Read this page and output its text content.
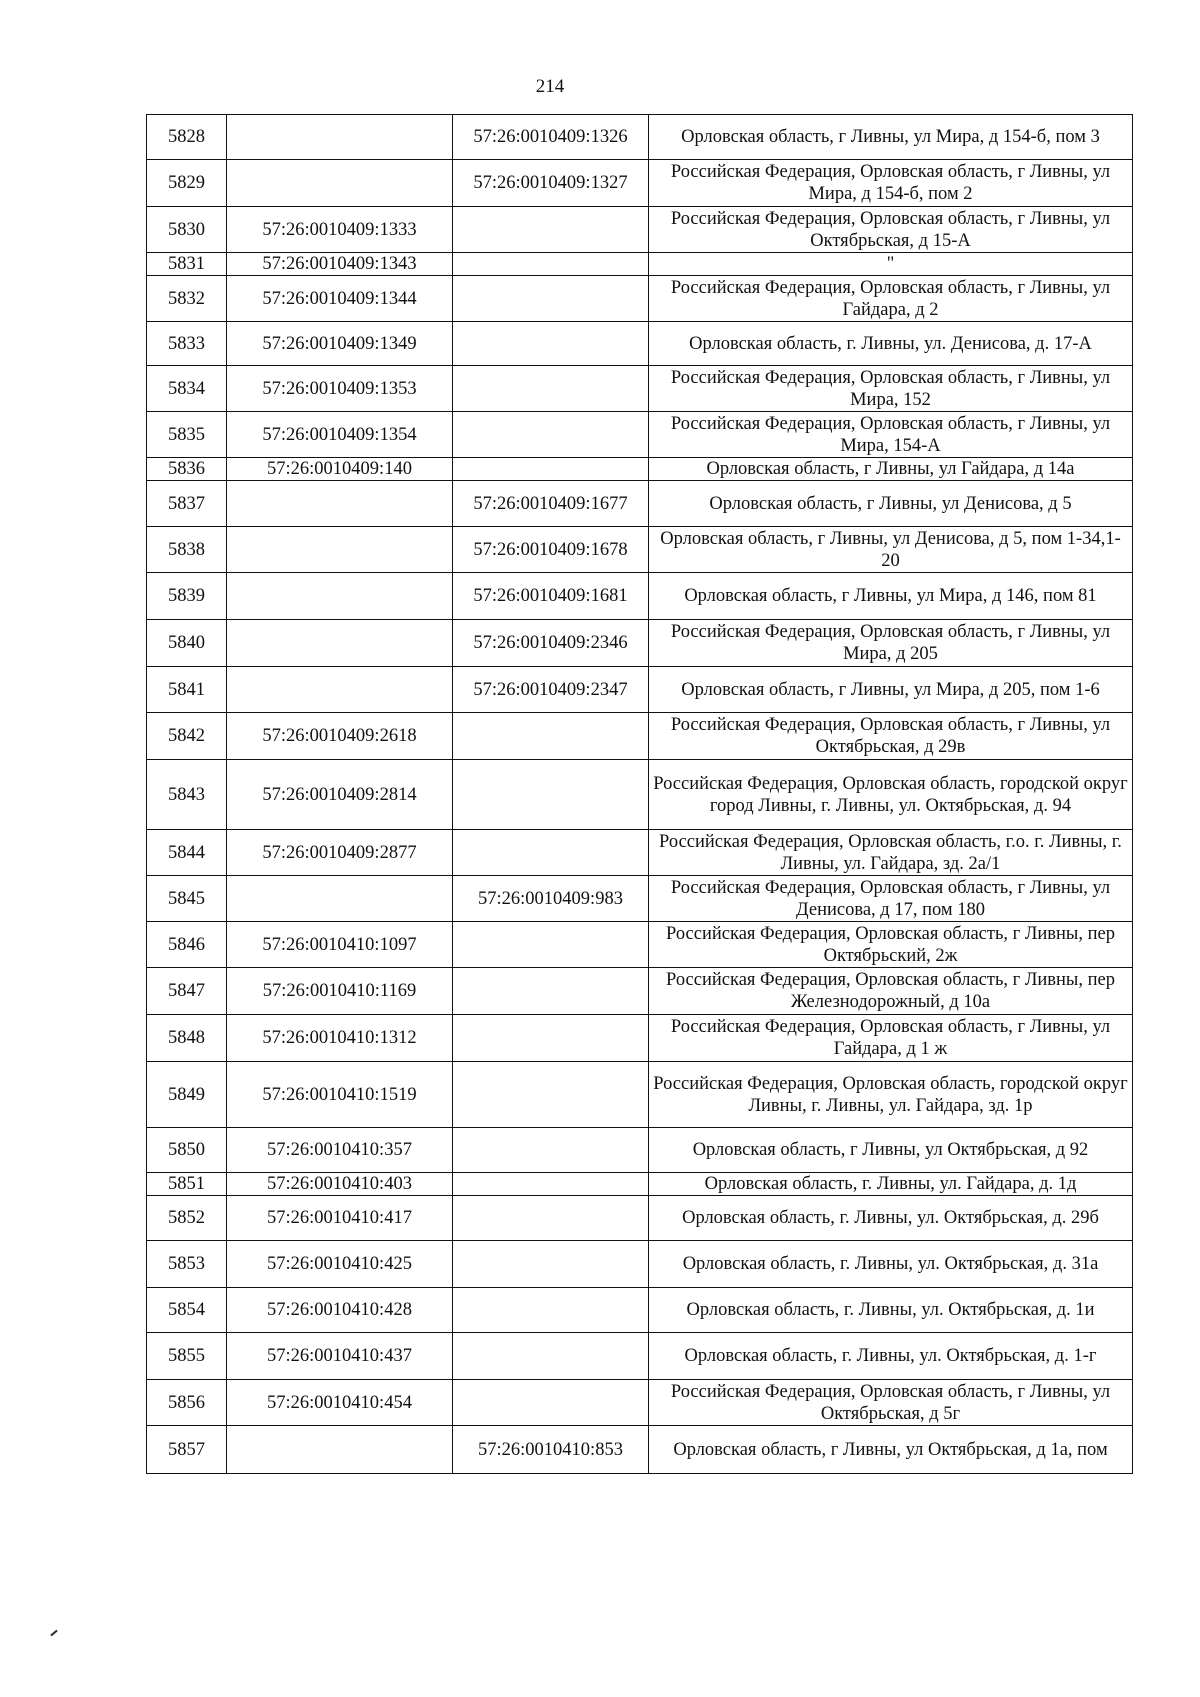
214
5828		57:26:0010409:1326	Орловская область, г Ливны, ул Мира, д 154-б, пом 3
5829		57:26:0010409:1327	Российская Федерация, Орловская область, г Ливны, ул Мира, д 154-б, пом 2
5830	57:26:0010409:1333		Российская Федерация, Орловская область, г Ливны, ул Октябрьская, д 15-А
5831	57:26:0010409:1343		"
5832	57:26:0010409:1344		Российская Федерация, Орловская область, г Ливны, ул Гайдара, д 2
5833	57:26:0010409:1349		Орловская область, г. Ливны, ул. Денисова, д. 17-А
5834	57:26:0010409:1353		Российская Федерация, Орловская область, г Ливны, ул Мира, 152
5835	57:26:0010409:1354		Российская Федерация, Орловская область, г Ливны, ул Мира, 154-А
5836	57:26:0010409:140		Орловская область, г Ливны, ул Гайдара, д 14а
5837		57:26:0010409:1677	Орловская область, г Ливны, ул Денисова, д 5
5838		57:26:0010409:1678	Орловская область, г Ливны, ул Денисова, д 5, пом 1-34,1-20
5839		57:26:0010409:1681	Орловская область, г Ливны, ул Мира, д 146, пом 81
5840		57:26:0010409:2346	Российская Федерация, Орловская область, г Ливны, ул Мира, д 205
5841		57:26:0010409:2347	Орловская область, г Ливны, ул Мира, д 205, пом 1-6
5842	57:26:0010409:2618		Российская Федерация, Орловская область, г Ливны, ул Октябрьская, д 29в
5843	57:26:0010409:2814		Российская Федерация, Орловская область, городской округ город Ливны, г. Ливны, ул. Октябрьская, д. 94
5844	57:26:0010409:2877		Российская Федерация, Орловская область, г.о. г. Ливны, г. Ливны, ул. Гайдара, зд. 2а/1
5845		57:26:0010409:983	Российская Федерация, Орловская область, г Ливны, ул Денисова, д 17, пом 180
5846	57:26:0010410:1097		Российская Федерация, Орловская область, г Ливны, пер Октябрьский, 2ж
5847	57:26:0010410:1169		Российская Федерация, Орловская область, г Ливны, пер Железнодорожный, д 10а
5848	57:26:0010410:1312		Российская Федерация, Орловская область, г Ливны, ул Гайдара, д 1 ж
5849	57:26:0010410:1519		Российская Федерация, Орловская область, городской округ Ливны, г. Ливны, ул. Гайдара, зд. 1р
5850	57:26:0010410:357		Орловская область, г Ливны, ул Октябрьская, д 92
5851	57:26:0010410:403		Орловская область, г. Ливны, ул. Гайдара, д. 1д
5852	57:26:0010410:417		Орловская область, г. Ливны, ул. Октябрьская, д. 29б
5853	57:26:0010410:425		Орловская область, г. Ливны, ул. Октябрьская, д. 31а
5854	57:26:0010410:428		Орловская область, г. Ливны, ул. Октябрьская, д. 1и
5855	57:26:0010410:437		Орловская область, г. Ливны, ул. Октябрьская, д. 1-г
5856	57:26:0010410:454		Российская Федерация, Орловская область, г Ливны, ул Октябрьская, д 5г
5857		57:26:0010410:853	Орловская область, г Ливны, ул Октябрьская, д 1а, пом
